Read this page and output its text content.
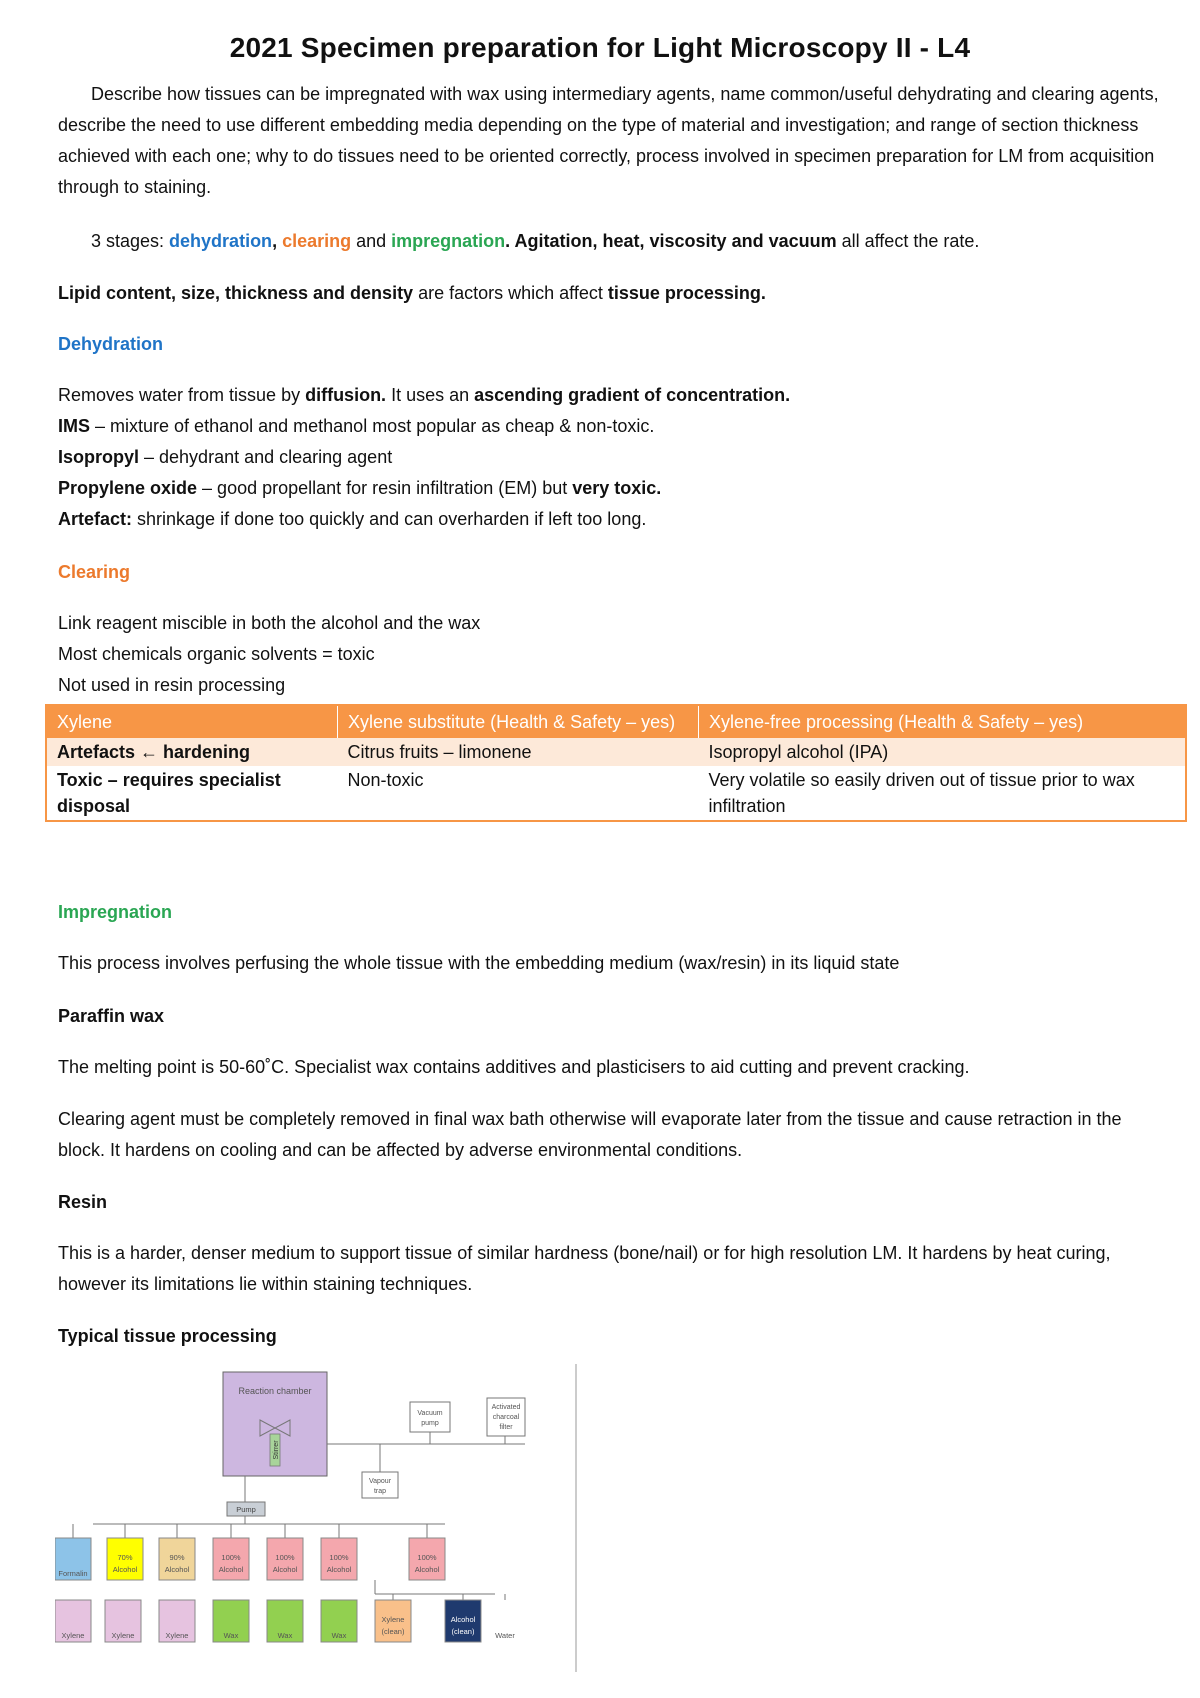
2021 Specimen preparation for Light Microscopy II - L4
Describe how tissues can be impregnated with wax using intermediary agents, name common/useful dehydrating and clearing agents, describe the need to use different embedding media depending on the type of material and investigation; and range of section thickness achieved with each one; why to do tissues need to be oriented correctly, process involved in specimen preparation for LM from acquisition through to staining.
3 stages: dehydration, clearing and impregnation. Agitation, heat, viscosity and vacuum all affect the rate.
Lipid content, size, thickness and density are factors which affect tissue processing.
Dehydration
Removes water from tissue by diffusion. It uses an ascending gradient of concentration.
IMS – mixture of ethanol and methanol most popular as cheap & non-toxic.
Isopropyl – dehydrant and clearing agent
Propylene oxide – good propellant for resin infiltration (EM) but very toxic.
Artefact: shrinkage if done too quickly and can overharden if left too long.
Clearing
Link reagent miscible in both the alcohol and the wax
Most chemicals organic solvents = toxic
Not used in resin processing
Xylene	Xylene substitute (Health & Safety – yes)	Xylene-free processing (Health & Safety – yes)
Artefacts ← hardening	Citrus fruits – limonene	Isopropyl alcohol (IPA)
Toxic – requires specialist disposal	Non-toxic	Very volatile so easily driven out of tissue prior to wax infiltration
Impregnation
This process involves perfusing the whole tissue with the embedding medium (wax/resin) in its liquid state
Paraffin wax
The melting point is 50-60˚C. Specialist wax contains additives and plasticisers to aid cutting and prevent cracking.
Clearing agent must be completely removed in final wax bath otherwise will evaporate later from the tissue and cause retraction in the block. It hardens on cooling and can be affected by adverse environmental conditions.
Resin
This is a harder, denser medium to support tissue of similar hardness (bone/nail) or for high resolution LM. It hardens by heat curing, however its limitations lie within staining techniques.
Typical tissue processing
Reaction chamber
Stirrer
Vacuum
pump
Activated
charcoal
filter
Vapour
trap
Pump
Formalin
70%
Alcohol
90%
Alcohol
100%
Alcohol
100%
Alcohol
100%
Alcohol
100%
Alcohol
Xylene	Xylene	Xylene	Wax	Wax	Wax
Xylene
(clean)
Alcohol
(clean)	Water
